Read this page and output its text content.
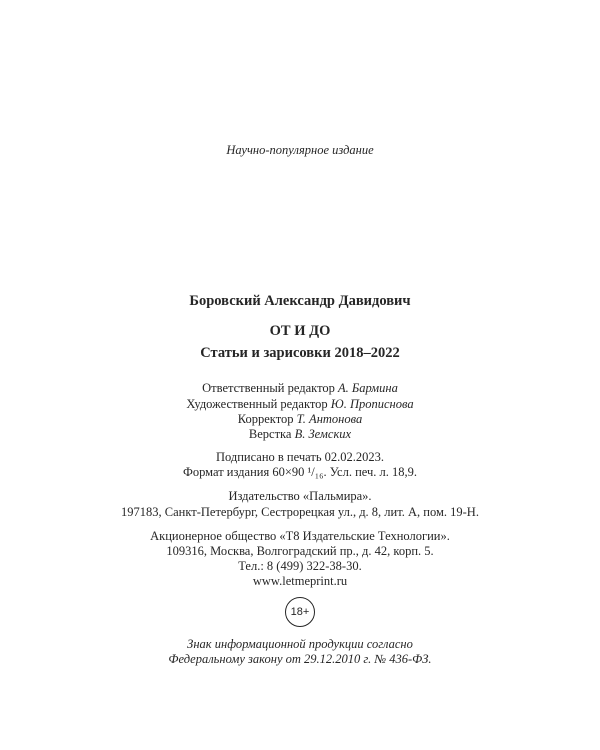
Научно-популярное издание
Боровский Александр Давидович
ОТ И ДО
Статьи и зарисовки 2018–2022
Ответственный редактор А. Бармина
Художественный редактор Ю. Прописнова
Корректор Т. Антонова
Верстка В. Земских
Подписано в печать 02.02.2023.
Формат издания 60×90 ¹/₁₆. Усл. печ. л. 18,9.
Издательство «Пальмира».
197183, Санкт-Петербург, Сестрорецкая ул., д. 8, лит. А, пом. 19-Н.
Акционерное общество «Т8 Издательские Технологии».
109316, Москва, Волгоградский пр., д. 42, корп. 5.
Тел.: 8 (499) 322-38-30.
www.letmeprint.ru
18+
Знак информационной продукции согласно
Федеральному закону от 29.12.2010 г. № 436-ФЗ.
